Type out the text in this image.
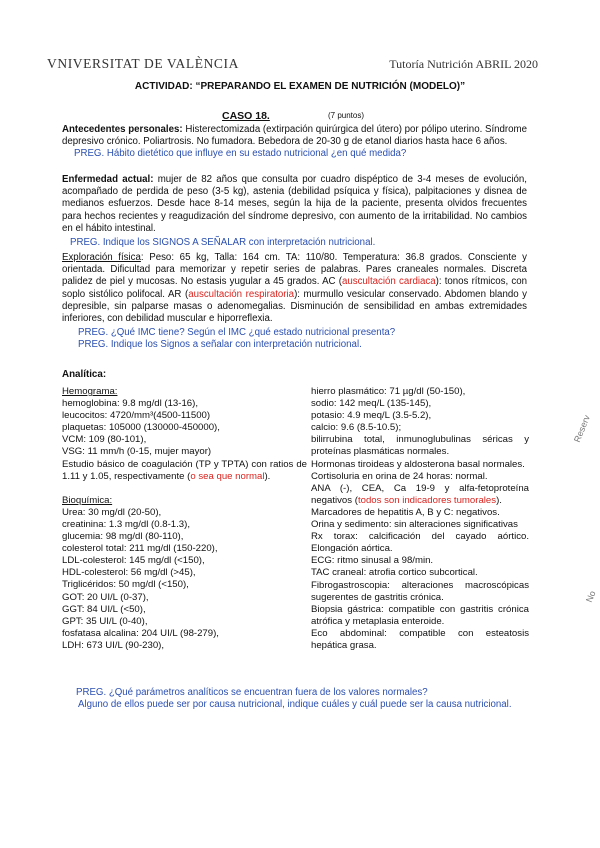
VNIVERSITAT DE VALÈNCIA	Tutoría Nutrición ABRIL 2020
ACTIVIDAD: “PREPARANDO EL EXAMEN DE NUTRICIÓN (MODELO)”
CASO 18.	(7 puntos)
Antecedentes personales: Histerectomizada (extirpación quirúrgica del útero) por pólipo uterino. Síndrome depresivo crónico. Poliartrosis. No fumadora. Bebedora de 20-30 g de etanol diarios hasta hace 6 años.
PREG. Hábito dietético que influye en su estado nutricional ¿en qué medida?
Enfermedad actual: mujer de 82 años que consulta por cuadro dispéptico de 3-4 meses de evolución, acompañado de perdida de peso (3-5 kg), astenia (debilidad psíquica y física), palpitaciones y disnea de medianos esfuerzos. Desde hace 8-14 meses, según la hija de la paciente, presenta olvidos frecuentes para hechos recientes y reagudización del síndrome depresivo, con aumento de la irritabilidad. No cambios en el hábito intestinal.
PREG. Indique los SIGNOS A SEÑALAR con interpretación nutricional.
Exploración física: Peso: 65 kg, Talla: 164 cm. TA: 110/80. Temperatura: 36.8 grados. Consciente y orientada. Dificultad para memorizar y repetir series de palabras. Pares craneales normales. Discreta palidez de piel y mucosas. No estasis yugular a 45 grados. AC (auscultación cardiaca): tonos rítmicos, con soplo sistólico polifocal. AR (auscultación respiratoria): murmullo vesicular conservado. Abdomen blando y depresible, sin palparse masas o adenomegalias. Disminución de sensibilidad en ambas extremidades inferiores, con debilidad muscular e hiporreflexia.
PREG. ¿Qué IMC tiene? Según el IMC ¿qué estado nutricional presenta?
PREG. Indique los Signos a señalar con interpretación nutricional.
Analítica:
Hemograma:
hemoglobina: 9.8 mg/dl (13-16),
leucocitos: 4720/mm³(4500-11500)
plaquetas: 105000 (130000-450000),
VCM: 109 (80-101),
VSG: 11 mm/h (0-15, mujer mayor)
Estudio básico de coagulación (TP y TPTA) con ratios de 1.11 y 1.05, respectivamente (o sea que normal).
Bioquímica:
Urea: 30 mg/dl (20-50),
creatinina: 1.3 mg/dl (0.8-1.3),
glucemia: 98 mg/dl (80-110),
colesterol total: 211 mg/dl (150-220),
LDL-colesterol: 145 mg/dl (<150),
HDL-colesterol: 56 mg/dl (>45),
Triglicéridos: 50 mg/dl (<150),
GOT: 20 UI/L (0-37),
GGT: 84 UI/L (<50),
GPT: 35 UI/L (0-40),
fosfatasa alcalina: 204 UI/L (98-279),
LDH: 673 UI/L (90-230),
hierro plasmático: 71 µg/dl (50-150),
sodio: 142 meq/L (135-145),
potasio: 4.9 meq/L (3.5-5.2),
calcio: 9.6 (8.5-10.5);
bilirrubina total, inmunoglubulinas séricas y proteínas plasmáticas normales.
Hormonas tiroideas y aldosterona basal normales.
Cortisoluria en orina de 24 horas: normal.
ANA (-), CEA, Ca 19-9 y alfa-fetoproteína negativos (todos son indicadores tumorales).
Marcadores de hepatitis A, B y C: negativos.
Orina y sedimento: sin alteraciones significativas
Rx torax: calcificación del cayado aórtico. Elongación aórtica.
ECG: ritmo sinusal a 98/min.
TAC craneal: atrofia cortico subcortical.
Fibrogastroscopia: alteraciones macroscópicas sugerentes de gastritis crónica.
Biopsia gástrica: compatible con gastritis crónica atrófica y metaplasia enteroide.
Eco abdominal: compatible con esteatosis hepática grasa.
PREG. ¿Qué parámetros analíticos se encuentran fuera de los valores normales?
Alguno de ellos puede ser por causa nutricional, indique cuáles y cuál puede ser la causa nutricional.
Reserv
No
